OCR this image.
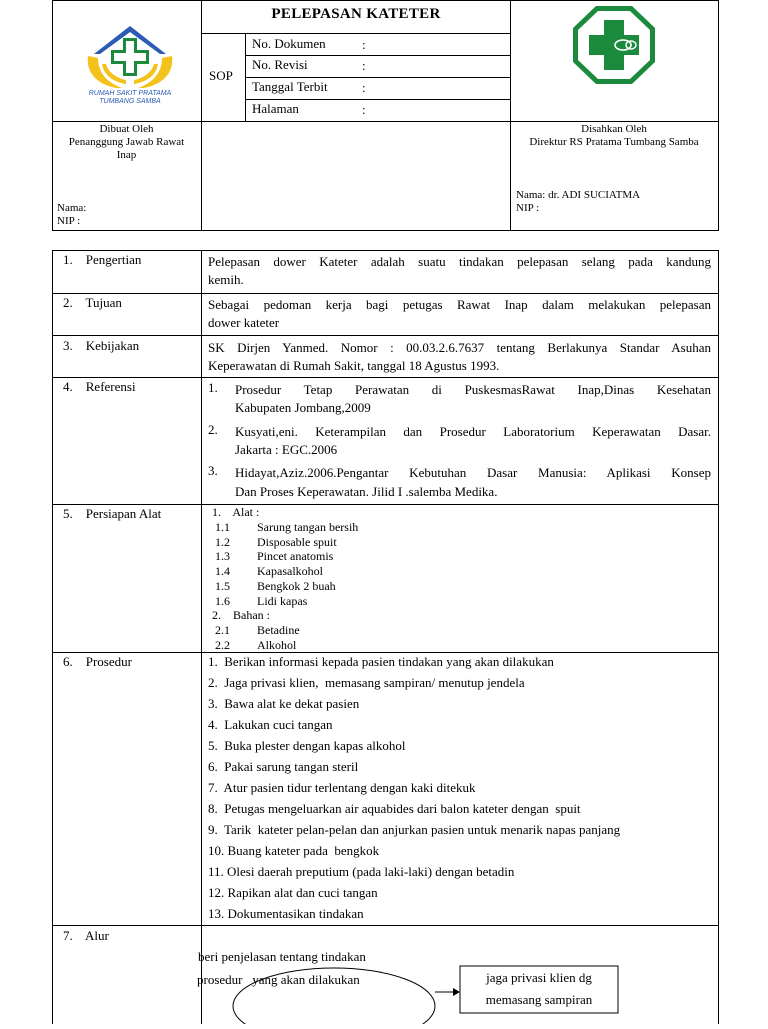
RUMAH SAKIT PRATAMA
TUMBANG SAMBA
PELEPASAN KATETER
SOP
No. Dokumen	:
No. Revisi	:
Tanggal Terbit	:
Halaman	:
Dibuat Oleh
Penanggung Jawab Rawat
Inap
Nama:
NIP :
Disahkan Oleh
Direktur RS Pratama Tumbang Samba
Nama: dr. ADI SUCIATMA
NIP :
1.    Pengertian	Pelepasan dower Kateter adalah suatu tindakan pelepasan selang pada kandung
kemih.
2.    Tujuan	Sebagai pedoman kerja bagi petugas Rawat Inap dalam melakukan pelepasan
dower kateter
3.    Kebijakan	SK Dirjen Yanmed. Nomor : 00.03.2.6.7637 tentang Berlakunya Standar Asuhan
Keperawatan di Rumah Sakit, tanggal 18 Agustus 1993.
4.    Referensi	1. Prosedur Tetap Perawatan di PuskesmasRawat Inap,Dinas Kesehatan
Kabupaten Jombang,2009
2. Kusyati,eni. Keterampilan dan Prosedur Laboratorium Keperawatan Dasar.
Jakarta : EGC.2006
3. Hidayat,Aziz.2006.Pengantar Kebutuhan Dasar Manusia: Aplikasi Konsep
Dan Proses Keperawatan. Jilid I .salemba Medika.
5.    Persiapan Alat	1.    Alat :
1.1 Sarung tangan bersih
1.2 Disposable spuit
1.3 Pincet anatomis
1.4 Kapasalkohol
1.5 Bengkok 2 buah
1.6 Lidi kapas
2.    Bahan :
2.1 Betadine
2.2 Alkohol
6.    Prosedur	1.  Berikan informasi kepada pasien tindakan yang akan dilakukan
2.  Jaga privasi klien,  memasang sampiran/ menutup jendela
3.  Bawa alat ke dekat pasien
4.  Lakukan cuci tangan
5.  Buka plester dengan kapas alkohol
6.  Pakai sarung tangan steril
7.  Atur pasien tidur terlentang dengan kaki ditekuk
8.  Petugas mengeluarkan air aquabides dari balon kateter dengan  spuit
9.  Tarik  kateter pelan-pelan dan anjurkan pasien untuk menarik napas panjang
10. Buang kateter pada  bengkok
11. Olesi daerah preputium (pada laki-laki) dengan betadin
12. Rapikan alat dan cuci tangan
13. Dokumentasikan tindakan
7.    Alur
beri penjelasan tentang tindakan
prosedur   yang akan dilakukan	jaga privasi klien dg
memasang sampiran
